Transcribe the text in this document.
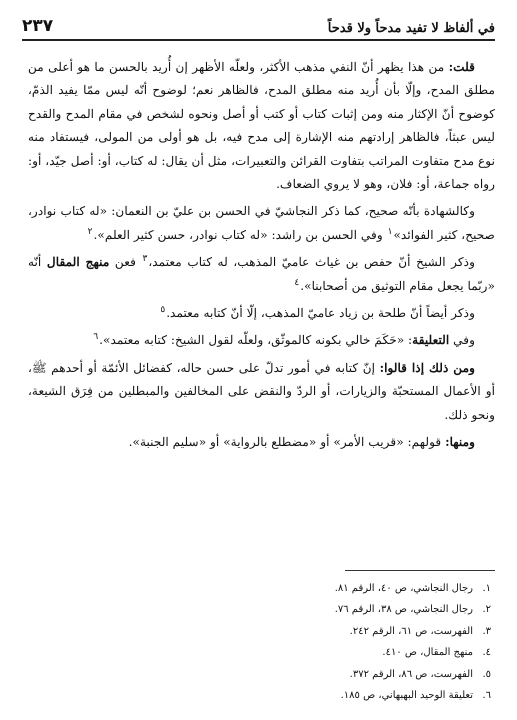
٢٣٧	في ألفاظ لا تفيد مدحاً ولا قدحاً

قلت: من هذا يظهر أنّ النفي مذهب الأكثر، ولعلّه الأظهر إن أُريد بالحسن ما هو أعلى من مطلق المدح، وإلّا بأن أُريد منه مطلق المدح، فالظاهر نعم؛ لوضوح أنّه ليس ممّا يفيد الذمّ، كوضوح أنّ الإكثار منه ومن إثبات كتاب أو كتب أو أصل ونحوه لشخص في مقام المدح والقدح ليس عبثاً، فالظاهر إرادتهم منه الإشارة إلى مدح فيه، بل هو أولى من المولى، فيستفاد منه نوع مدح متفاوت المراتب بتفاوت القرائن والتعبيرات، مثل أن يقال: له كتاب، أو: أصل جيّد، أو: رواه جماعة، أو: فلان، وهو لا يروي الضعاف.

وكالشهادة بأنّه صحيح، كما ذكر النجاشيّ في الحسن بن عليّ بن النعمان: «له كتاب نوادر، صحيح، كثير الفوائد»$^١$ وفي الحسن بن راشد: «له كتاب نوادر، حسن كثير العلم».$^٢$

وذكر الشيخ أنّ حفص بن غياث عاميّ المذهب، له كتاب معتمد،$^٣$ فعن منهج المقال أنّه «ربّما يجعل مقام التوثيق من أصحابنا».$^٤$

وذكر أيضاً أنّ طلحة بن زياد عاميّ المذهب، إلّا أنّ كتابه معتمد.$^٥$

وفي التعليقة: «حَكَمَ خالي بكونه كالموثّق، ولعلّه لقول الشيخ: كتابه معتمد».$^٦$

ومن ذلك إذا قالوا: إنّ كتابه في أمور تدلّ على حسن حاله، كفضائل الأئمّة أو أحدهم ﷺ، أو الأعمال المستحبّة والزيارات، أو الردّ والنقض على المخالفين والمبطلين من فِرَق الشيعة، ونحو ذلك.

ومنها: قولهم: «قريب الأمر» أو «مضطلع بالرواية» أو «سليم الجنبة».

١.
رجال النجاشي، ص ٤٠، الرقم ٨١.
٢.
رجال النجاشي، ص ٣٨، الرقم ٧٦.
٣.
الفهرست، ص ٦١، الرقم ٢٤٢.
٤.
منهج المقال، ص ٤١٠.
٥.
الفهرست، ص ٨٦، الرقم ٣٧٢.
٦.
تعليقة الوحيد البهبهاني، ص ١٨٥.
